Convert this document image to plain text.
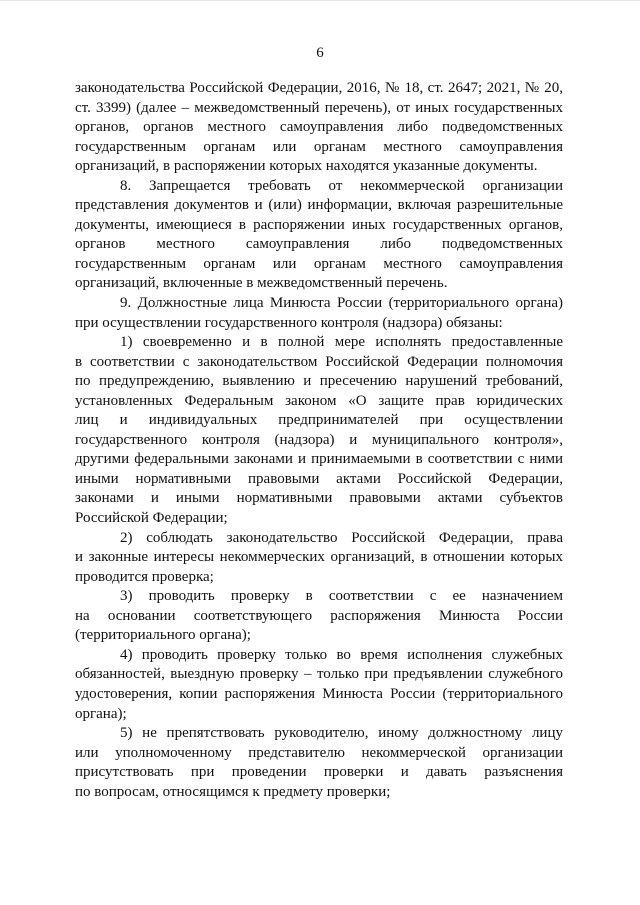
6
законодательства Российской Федерации, 2016, № 18, ст. 2647; 2021, № 20,
ст. 3399) (далее – межведомственный перечень), от иных государственных
органов, органов местного самоуправления либо подведомственных
государственным органам или органам местного самоуправления
организаций, в распоряжении которых находятся указанные документы.
8. Запрещается требовать от некоммерческой организации
представления документов и (или) информации, включая разрешительные
документы, имеющиеся в распоряжении иных государственных органов,
органов местного самоуправления либо подведомственных
государственным органам или органам местного самоуправления
организаций, включенные в межведомственный перечень.
9. Должностные лица Минюста России (территориального органа)
при осуществлении государственного контроля (надзора) обязаны:
1) своевременно и в полной мере исполнять предоставленные
в соответствии с законодательством Российской Федерации полномочия
по предупреждению, выявлению и пресечению нарушений требований,
установленных Федеральным законом «О защите прав юридических
лиц и индивидуальных предпринимателей при осуществлении
государственного контроля (надзора) и муниципального контроля»,
другими федеральными законами и принимаемыми в соответствии с ними
иными нормативными правовыми актами Российской Федерации,
законами и иными нормативными правовыми актами субъектов
Российской Федерации;
2) соблюдать законодательство Российской Федерации, права
и законные интересы некоммерческих организаций, в отношении которых
проводится проверка;
3) проводить проверку в соответствии с ее назначением
на основании соответствующего распоряжения Минюста России
(территориального органа);
4) проводить проверку только во время исполнения служебных
обязанностей, выездную проверку – только при предъявлении служебного
удостоверения, копии распоряжения Минюста России (территориального
органа);
5) не препятствовать руководителю, иному должностному лицу
или уполномоченному представителю некоммерческой организации
присутствовать при проведении проверки и давать разъяснения
по вопросам, относящимся к предмету проверки;
